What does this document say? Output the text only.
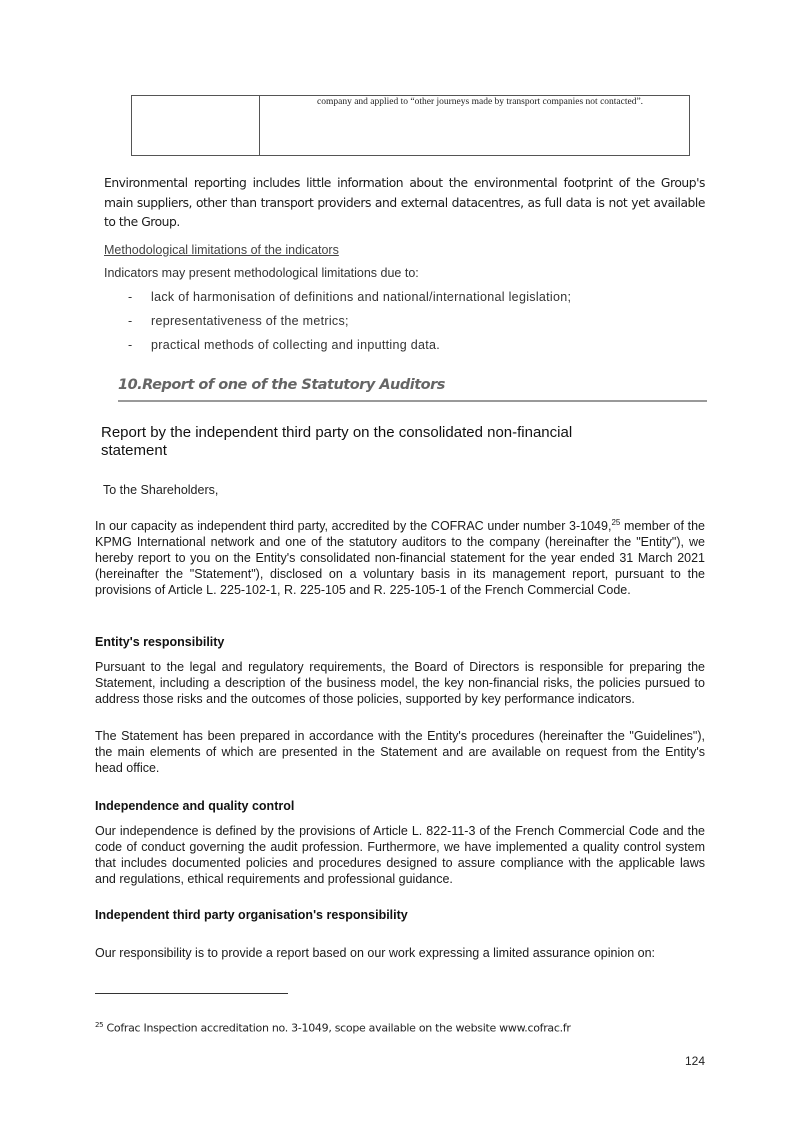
company and applied to “other journeys made by transport companies not contacted”.
Environmental reporting includes little information about the environmental footprint of the Group's main suppliers, other than transport providers and external datacentres, as full data is not yet available to the Group.
Methodological limitations of the indicators
Indicators may present methodological limitations due to:
- lack of harmonisation of definitions and national/international legislation;
- representativeness of the metrics;
- practical methods of collecting and inputting data.
10.Report of one of the Statutory Auditors
Report by the independent third party on the consolidated non-financial statement
To the Shareholders,
In our capacity as independent third party, accredited by the COFRAC under number 3-1049,25 member of the KPMG International network and one of the statutory auditors to the company (hereinafter the "Entity"), we hereby report to you on the Entity's consolidated non-financial statement for the year ended 31 March 2021 (hereinafter the "Statement"), disclosed on a voluntary basis in its management report, pursuant to the provisions of Article L. 225-102-1, R. 225-105 and R. 225-105-1 of the French Commercial Code.
Entity's responsibility
Pursuant to the legal and regulatory requirements, the Board of Directors is responsible for preparing the Statement, including a description of the business model, the key non-financial risks, the policies pursued to address those risks and the outcomes of those policies, supported by key performance indicators.
The Statement has been prepared in accordance with the Entity's procedures (hereinafter the "Guidelines"), the main elements of which are presented in the Statement and are available on request from the Entity's head office.
Independence and quality control
Our independence is defined by the provisions of Article L. 822-11-3 of the French Commercial Code and the code of conduct governing the audit profession. Furthermore, we have implemented a quality control system that includes documented policies and procedures designed to assure compliance with the applicable laws and regulations, ethical requirements and professional guidance.
Independent third party organisation's responsibility
Our responsibility is to provide a report based on our work expressing a limited assurance opinion on:
$^{25}$ Cofrac Inspection accreditation no. 3-1049, scope available on the website www.cofrac.fr
124
